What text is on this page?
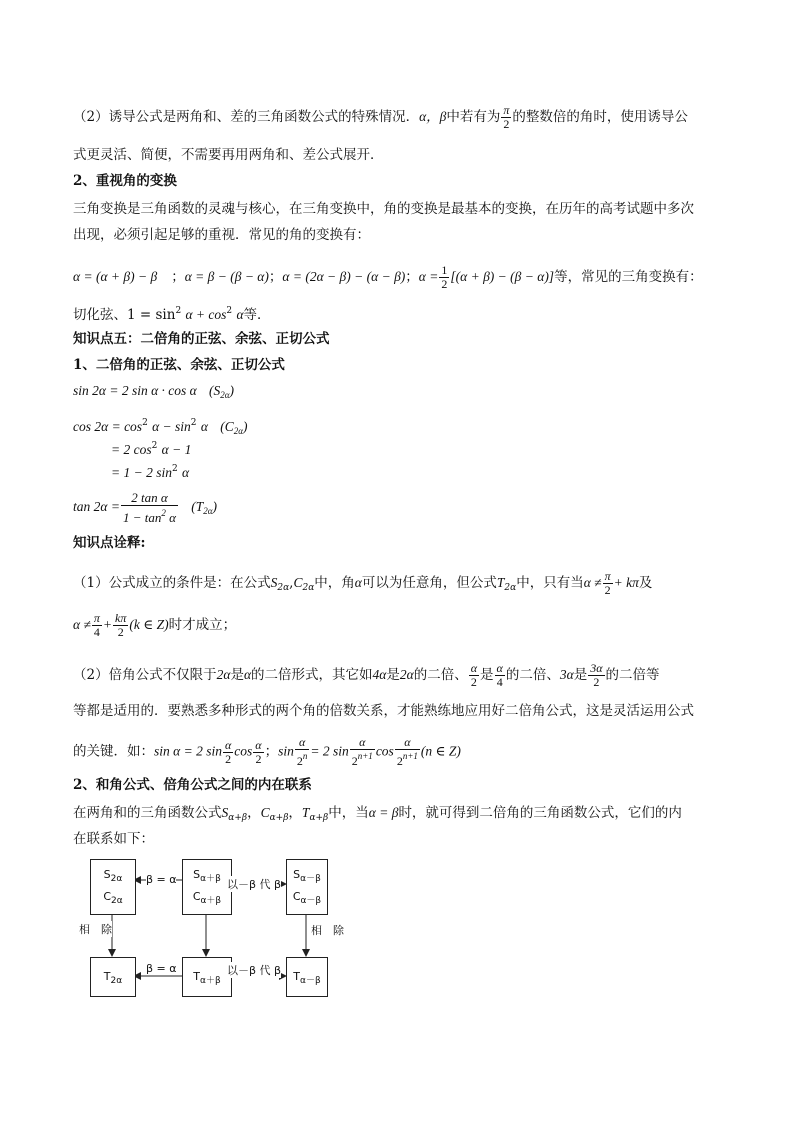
（2）诱导公式是两角和、差的三角函数公式的特殊情况．α，β中若有为 $\frac{\pi}{2}$ 的整数倍的角时，使用诱导公
式更灵活、简便，不需要再用两角和、差公式展开．
2、重视角的变换
三角变换是三角函数的灵魂与核心，在三角变换中，角的变换是最基本的变换，在历年的高考试题中多次
出现，必须引起足够的重视．常见的角的变换有：
α = (α + β) − β ；α = β − (β − α)；α = (2α − β) − (α − β)；$\alpha = \frac{1}{2} [(\alpha + \beta) - (\beta - \alpha)]$等，常见的三角变换有：
切化弦、$1 = \sin^2 \alpha + \cos^2 \alpha$等．
知识点五：二倍角的正弦、余弦、正切公式
1、二倍角的正弦、余弦、正切公式
sin 2α = 2 sin α · cos α $(S_{2\alpha})$
$\cos 2\alpha = \cos^2 \alpha - \sin^2 \alpha$ $(C_{2\alpha})$
= 2 $\cos^2 \alpha - 1$
= 1 − 2 $\sin^2 \alpha$
$\tan 2\alpha = \frac{\text{2 tan α}}{1 - \tan^2 \alpha} (T_{2\alpha})$
知识点诠释:
（1）公式成立的条件是：在公式$S_{2\alpha},C_{2\alpha}$中，角α可以为任意角，但公式$T_{2\alpha}$中，只有当$\alpha \ne \frac{\pi}{2} + k\pi$及
$\alpha \ne \frac{\pi}{4} + \frac{k\pi}{2} (k$ ∈ Z)时才成立；
（2）倍角公式不仅限于2α是α的二倍形式，其它如4α是2α的二倍、 $\frac{\alpha}{2}$ 是 $\frac{\alpha}{4}$ 的二倍、3α是 $\frac{3\alpha}{2}$ 的二倍等
等都是适用的．要熟悉多种形式的两个角的倍数关系，才能熟练地应用好二倍角公式，这是灵活运用公式
的关键．如：sin α = 2 $\sin \frac{\alpha}{2}$ $\cos \frac{\alpha}{2}$ ；$\sin \frac{\alpha}{2^n} = 2$ $\sin \frac{\alpha}{2^{n+1}}$ $\cos \frac{\alpha}{2^{n+1}} (n$ ∈ Z)
2、和角公式、倍角公式之间的内在联系
在两角和的三角函数公式$S_{\alpha+\beta}$，$C_{\alpha+\beta}$，$T_{\alpha+\beta}$中，当α = β时，就可得到二倍角的三角函数公式，它们的内
在联系如下：
$S_{2\alpha}$
$C_{2\alpha}$
$S_{\alpha+\beta}$
$C_{\alpha+\beta}$
$S_{\alpha-\beta}$
$C_{\alpha-\beta}$
$T_{2\alpha}$	$T_{\alpha+\beta}$	$T_{\alpha-\beta}$
β = α	以－β 代 β
相　除	相　除
β = α	以－β 代 β
